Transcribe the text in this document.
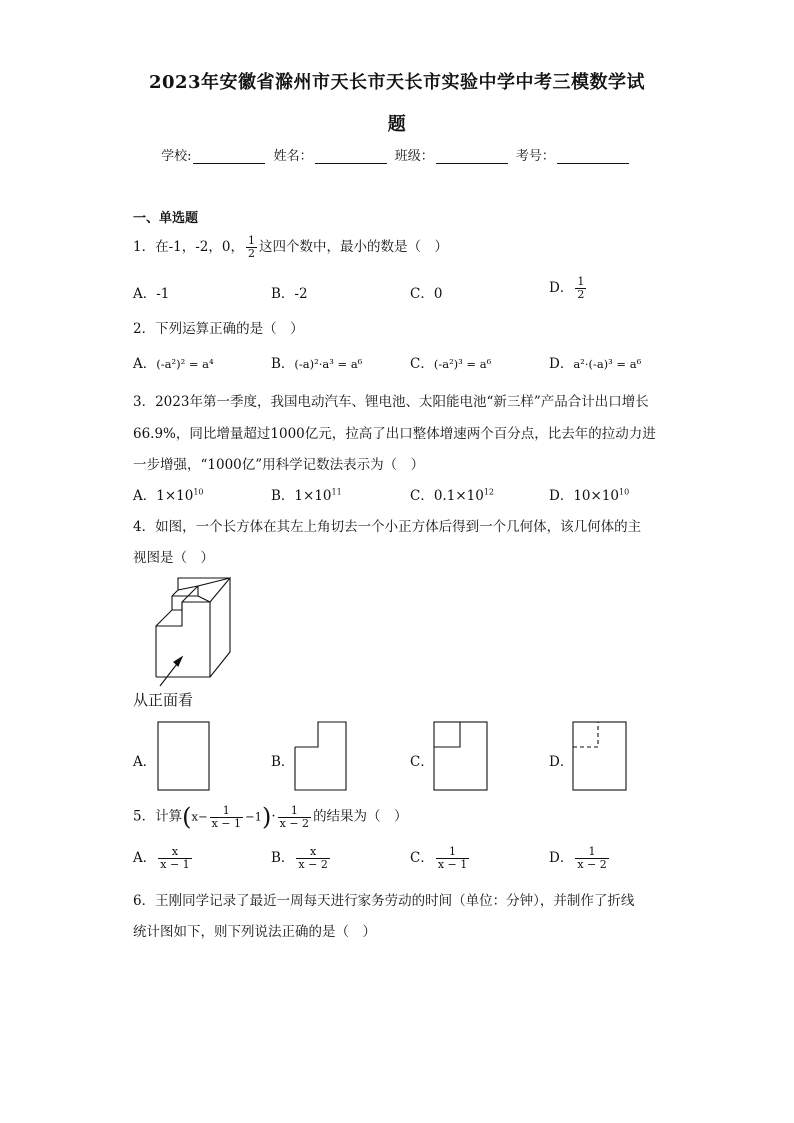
2023年安徽省滁州市天长市天长市实验中学中考三模数学试
题
学校:	姓名：	班级：	考号：
一、单选题
1．在-1，-2，0， $\frac{1}{2}$ 这四个数中，最小的数是（　）
A．-1	B．-2	C．0	D． $\frac{1}{2}$
2．下列运算正确的是（　）
A．(-a²)² = a⁴	B．(-a)²·a³ = a⁶	C．(-a²)³ = a⁶	D．a²·(-a)³ = a⁶
3．2023年第一季度，我国电动汽车、锂电池、太阳能电池“新三样”产品合计出口增长
66.9%，同比增量超过1000亿元，拉高了出口整体增速两个百分点，比去年的拉动力进
一步增强，“1000亿”用科学记数法表示为（　）
A．$1\times 10^{10}$	B．$1\times 10^{11}$	C．$0.1\times 10^{12}$	D．$10\times 10^{10}$
4．如图，一个长方体在其左上角切去一个小正方体后得到一个几何体，该几何体的主
视图是（　）
从正面看
A．	B．	C．	D．
5．计算$(x- \frac{1}{x - 1} -1)\cdot \frac{1}{x - 2}$ 的结果为（　）
A． $\frac{x}{x - 1}$	B． $\frac{x}{x - 2}$	C． $\frac{1}{x - 1}$	D． $\frac{1}{x - 2}$
6．王刚同学记录了最近一周每天进行家务劳动的时间（单位：分钟），并制作了折线
统计图如下，则下列说法正确的是（　）
